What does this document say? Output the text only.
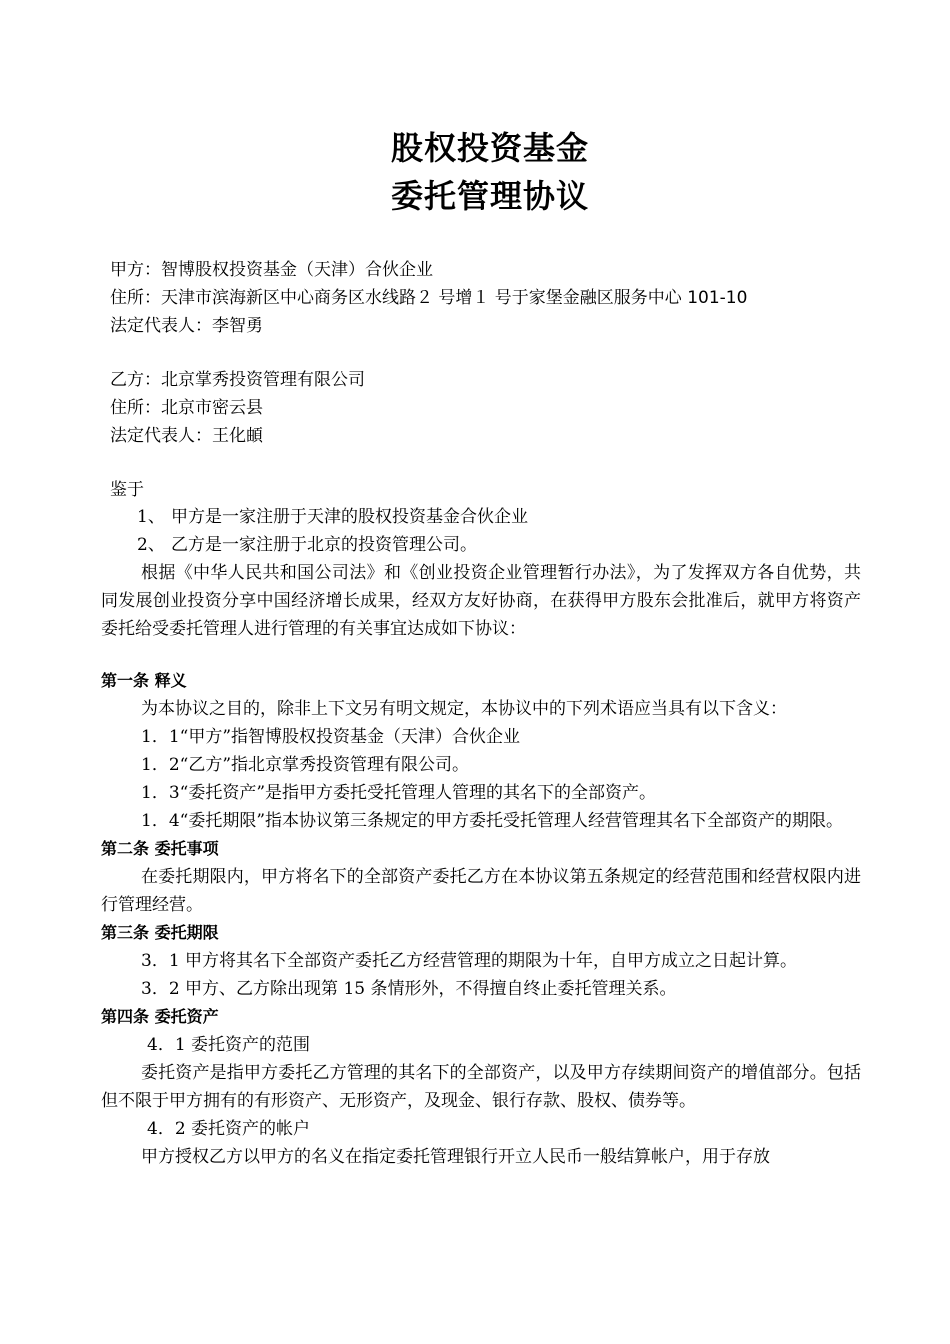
股权投资基金
委托管理协议
甲方：智博股权投资基金（天津）合伙企业
住所：天津市滨海新区中心商务区水线路２ 号增１ 号于家堡金融区服务中心 101-10
法定代表人：李智勇
乙方：北京掌秀投资管理有限公司
住所：北京市密云县
法定代表人：王化頔
鉴于

1、 甲方是一家注册于天津的股权投资基金合伙企业

2、 乙方是一家注册于北京的投资管理公司。

根据《中华人民共和国公司法》和《创业投资企业管理暂行办法》，为了发挥双方各自优势，共同发展创业投资分享中国经济增长成果，经双方友好协商，在获得甲方股东会批准后，就甲方将资产委托给受委托管理人进行管理的有关事宜达成如下协议：

第一条 释义

为本协议之目的，除非上下文另有明文规定，本协议中的下列术语应当具有以下含义：

1．1“甲方”指智博股权投资基金（天津）合伙企业

1．2“乙方”指北京掌秀投资管理有限公司。

1．3“委托资产”是指甲方委托受托管理人管理的其名下的全部资产。

1．4“委托期限”指本协议第三条规定的甲方委托受托管理人经营管理其名下全部资产的期限。

第二条 委托事项

在委托期限内，甲方将名下的全部资产委托乙方在本协议第五条规定的经营范围和经营权限内进行管理经营。

第三条 委托期限

3．1 甲方将其名下全部资产委托乙方经营管理的期限为十年，自甲方成立之日起计算。

3．2 甲方、乙方除出现第 15 条情形外，不得擅自终止委托管理关系。

第四条 委托资产

4．1 委托资产的范围

委托资产是指甲方委托乙方管理的其名下的全部资产，以及甲方存续期间资产的增值部分。包括但不限于甲方拥有的有形资产、无形资产，及现金、银行存款、股权、债券等。

4．2 委托资产的帐户

甲方授权乙方以甲方的名义在指定委托管理银行开立人民币一般结算帐户，用于存放
